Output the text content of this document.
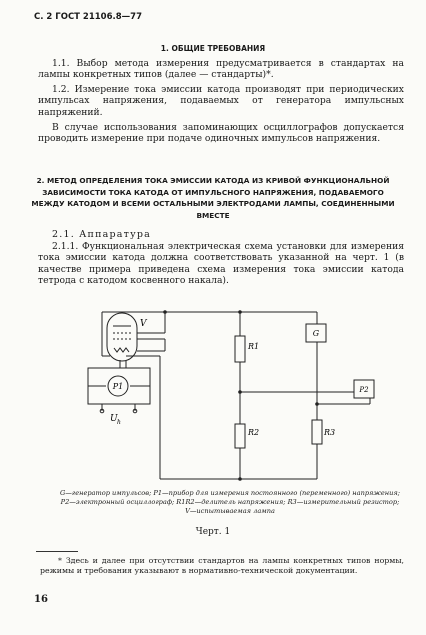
С. 2 ГОСТ 21106.8—77
1. ОБЩИЕ ТРЕБОВАНИЯ
1.1. Выбор метода измерения предусматривается в стандартах на лампы конкретных типов (далее — стандарты)*.
1.2. Измерение тока эмиссии катода производят при периодических импульсах напряжения, подаваемых от генератора импульсных напряжений.
В случае использования запоминающих осциллографов допускается проводить измерение при подаче одиночных импульсов напряжения.
2. МЕТОД ОПРЕДЕЛЕНИЯ ТОКА ЭМИССИИ КАТОДА ИЗ КРИВОЙ ФУНКЦИОНАЛЬНОЙ ЗАВИСИМОСТИ ТОКА КАТОДА ОТ ИМПУЛЬСНОГО НАПРЯЖЕНИЯ, ПОДАВАЕМОГО МЕЖДУ КАТОДОМ И ВСЕМИ ОСТАЛЬНЫМИ ЭЛЕКТРОДАМИ ЛАМПЫ, СОЕДИНЕННЫМИ ВМЕСТЕ
2.1. Аппаратура
2.1.1. Функциональная электрическая схема установки для измерения тока эмиссии катода должна соответствовать указанной на черт. 1 (в качестве примера приведена схема измерения тока эмиссии катода тетрода с катодом косвенного накала).
P1
V
U h
R1
R2	R3
G
P2
G—генератор импульсов; P1—прибор для измерения постоянного (переменного) напряжения; P2—электронный осциллограф; R1R2—делитель напряжения; R3—измерительный резистор; V—испытываемая лампа
Черт. 1
* Здесь и далее при отсутствии стандартов на лампы конкретных типов нормы, режимы и требования указывают в нормативно-технической документации.
16
